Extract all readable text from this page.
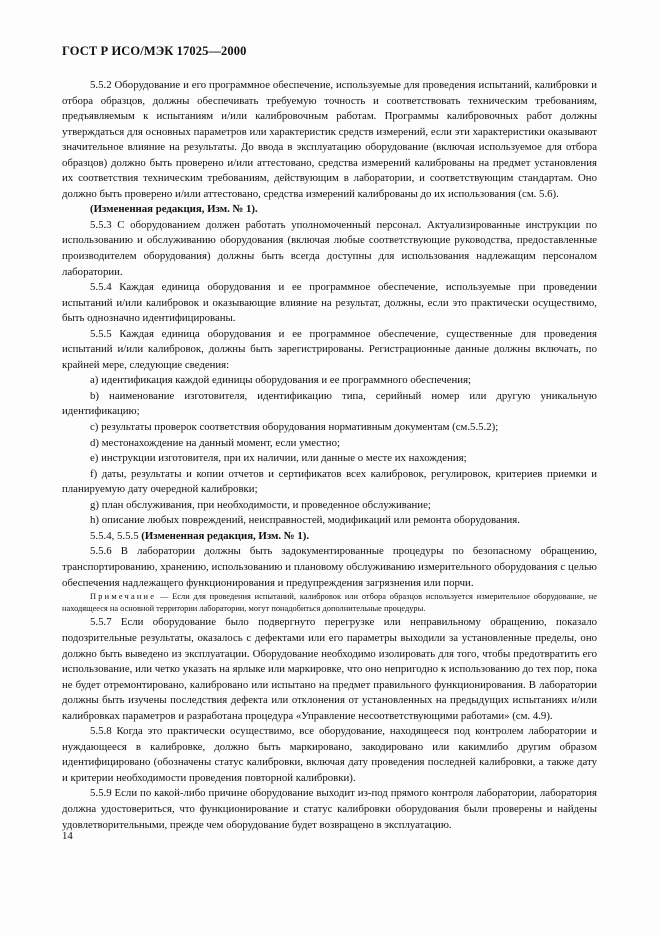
ГОСТ Р ИСО/МЭК 17025—2000

5.5.2 Оборудование и его программное обеспечение, используемые для проведения испытаний, калибровки и отбора образцов, должны обеспечивать требуемую точность и соответствовать техническим требованиям, предъявляемым к испытаниям и/или калибровочным работам. Программы калибровочных работ должны утверждаться для основных параметров или характеристик средств измерений, если эти характеристики оказывают значительное влияние на результаты. До ввода в эксплуатацию оборудование (включая используемое для отбора образцов) должно быть проверено и/или аттестовано, средства измерений калиброваны на предмет установления их соответствия техническим требованиям, действующим в лаборатории, и соответствующим стандартам. Оно должно быть проверено и/или аттестовано, средства измерений калиброваны до их использования (см. 5.6).

(Измененная редакция, Изм. № 1).

5.5.3 С оборудованием должен работать уполномоченный персонал. Актуализированные инструкции по использованию и обслуживанию оборудования (включая любые соответствующие руководства, предоставленные производителем оборудования) должны быть всегда доступны для использования надлежащим персоналом лаборатории.

5.5.4 Каждая единица оборудования и ее программное обеспечение, используемые при проведении испытаний и/или калибровок и оказывающие влияние на результат, должны, если это практически осуществимо, быть однозначно идентифицированы.

5.5.5 Каждая единица оборудования и ее программное обеспечение, существенные для проведения испытаний и/или калибровок, должны быть зарегистрированы. Регистрационные данные должны включать, по крайней мере, следующие сведения:

a) идентификация каждой единицы оборудования и ее программного обеспечения;

b) наименование изготовителя, идентификацию типа, серийный номер или другую уникальную идентификацию;

c) результаты проверок соответствия оборудования нормативным документам (см.5.5.2);

d) местонахождение на данный момент, если уместно;

e) инструкции изготовителя, при их наличии, или данные о месте их нахождения;

f) даты, результаты и копии отчетов и сертификатов всех калибровок, регулировок, критериев приемки и планируемую дату очередной калибровки;

g) план обслуживания, при необходимости, и проведенное обслуживание;

h) описание любых повреждений, неисправностей, модификаций или ремонта оборудования.

5.5.4, 5.5.5 (Измененная редакция, Изм. № 1).

5.5.6 В лаборатории должны быть задокументированные процедуры по безопасному обращению, транспортированию, хранению, использованию и плановому обслуживанию измерительного оборудования с целью обеспечения надлежащего функционирования и предупреждения загрязнения или порчи.

Примечание — Если для проведения испытаний, калибровок или отбора образцов используется измерительное оборудование, не находящееся на основной территории лаборатории, могут понадобиться дополнительные процедуры.

5.5.7 Если оборудование было подвергнуто перегрузке или неправильному обращению, показало подозрительные результаты, оказалось с дефектами или его параметры выходили за установленные пределы, оно должно быть выведено из эксплуатации. Оборудование необходимо изолировать для того, чтобы предотвратить его использование, или четко указать на ярлыке или маркировке, что оно непригодно к использованию до тех пор, пока не будет отремонтировано, калибровано или испытано на предмет правильного функционирования. В лаборатории должны быть изучены последствия дефекта или отклонения от установленных на предыдущих испытаниях и/или калибровках параметров и разработана процедура «Управление несоответствующими работами» (см. 4.9).

5.5.8 Когда это практически осуществимо, все оборудование, находящееся под контролем лаборатории и нуждающееся в калибровке, должно быть маркировано, закодировано или какимлибо другим образом идентифицировано (обозначены статус калибровки, включая дату проведения последней калибровки, а также дату и критерии необходимости проведения повторной калибровки).

5.5.9 Если по какой-либо причине оборудование выходит из-под прямого контроля лаборатории, лаборатория должна удостовериться, что функционирование и статус калибровки оборудования были проверены и найдены удовлетворительными, прежде чем оборудование будет возвращено в эксплуатацию.

14
